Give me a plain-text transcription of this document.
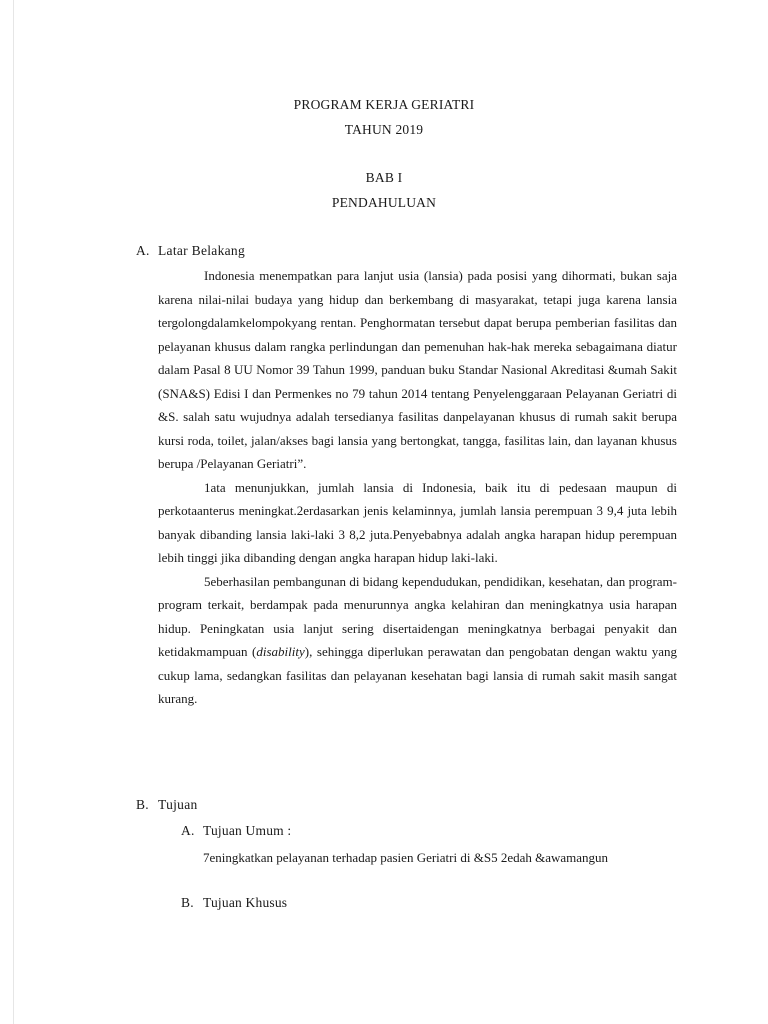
PROGRAM KERJA GERIATRI
TAHUN 2019
BAB I
PENDAHULUAN
A. Latar Belakang

Indonesia menempatkan para lanjut usia (lansia) pada posisi yang dihormati, bukan saja karena nilai-nilai budaya yang hidup dan berkembang di masyarakat, tetapi juga karena lansia tergolongdalamkelompokyang rentan. Penghormatan tersebut dapat berupa pemberian fasilitas dan pelayanan khusus dalam rangka perlindungan dan pemenuhan hak-hak mereka sebagaimana diatur dalam Pasal 8 UU Nomor 39 Tahun 1999, panduan buku Standar Nasional Akreditasi &umah Sakit (SNA&S) Edisi I dan Permenkes no 79 tahun 2014 tentang Penyelenggaraan Pelayanan Geriatri di &S. salah satu wujudnya adalah tersedianya fasilitas danpelayanan khusus di rumah sakit berupa kursi roda, toilet, jalan/akses bagi lansia yang bertongkat, tangga, fasilitas lain, dan layanan khusus berupa /Pelayanan Geriatri”.

1ata menunjukkan, jumlah lansia di Indonesia, baik itu di pedesaan maupun di perkotaanterus meningkat.2erdasarkan jenis kelaminnya, jumlah lansia perempuan 3 9,4 juta lebih banyak dibanding lansia laki-laki 3 8,2 juta.Penyebabnya adalah angka harapan hidup perempuan lebih tinggi jika dibanding dengan angka harapan hidup laki-laki.

5eberhasilan pembangunan di bidang kependudukan, pendidikan, kesehatan, dan program-program terkait, berdampak pada menurunnya angka kelahiran dan meningkatnya usia harapan hidup. Peningkatan usia lanjut sering disertaidengan meningkatnya berbagai penyakit dan ketidakmampuan (disability), sehingga diperlukan perawatan dan pengobatan dengan waktu yang cukup lama, sedangkan fasilitas dan pelayanan kesehatan bagi lansia di rumah sakit masih sangat kurang.

B. Tujuan
A. Tujuan Umum :
7eningkatkan pelayanan terhadap pasien Geriatri di &S5 2edah &awamangun
B. Tujuan Khusus
